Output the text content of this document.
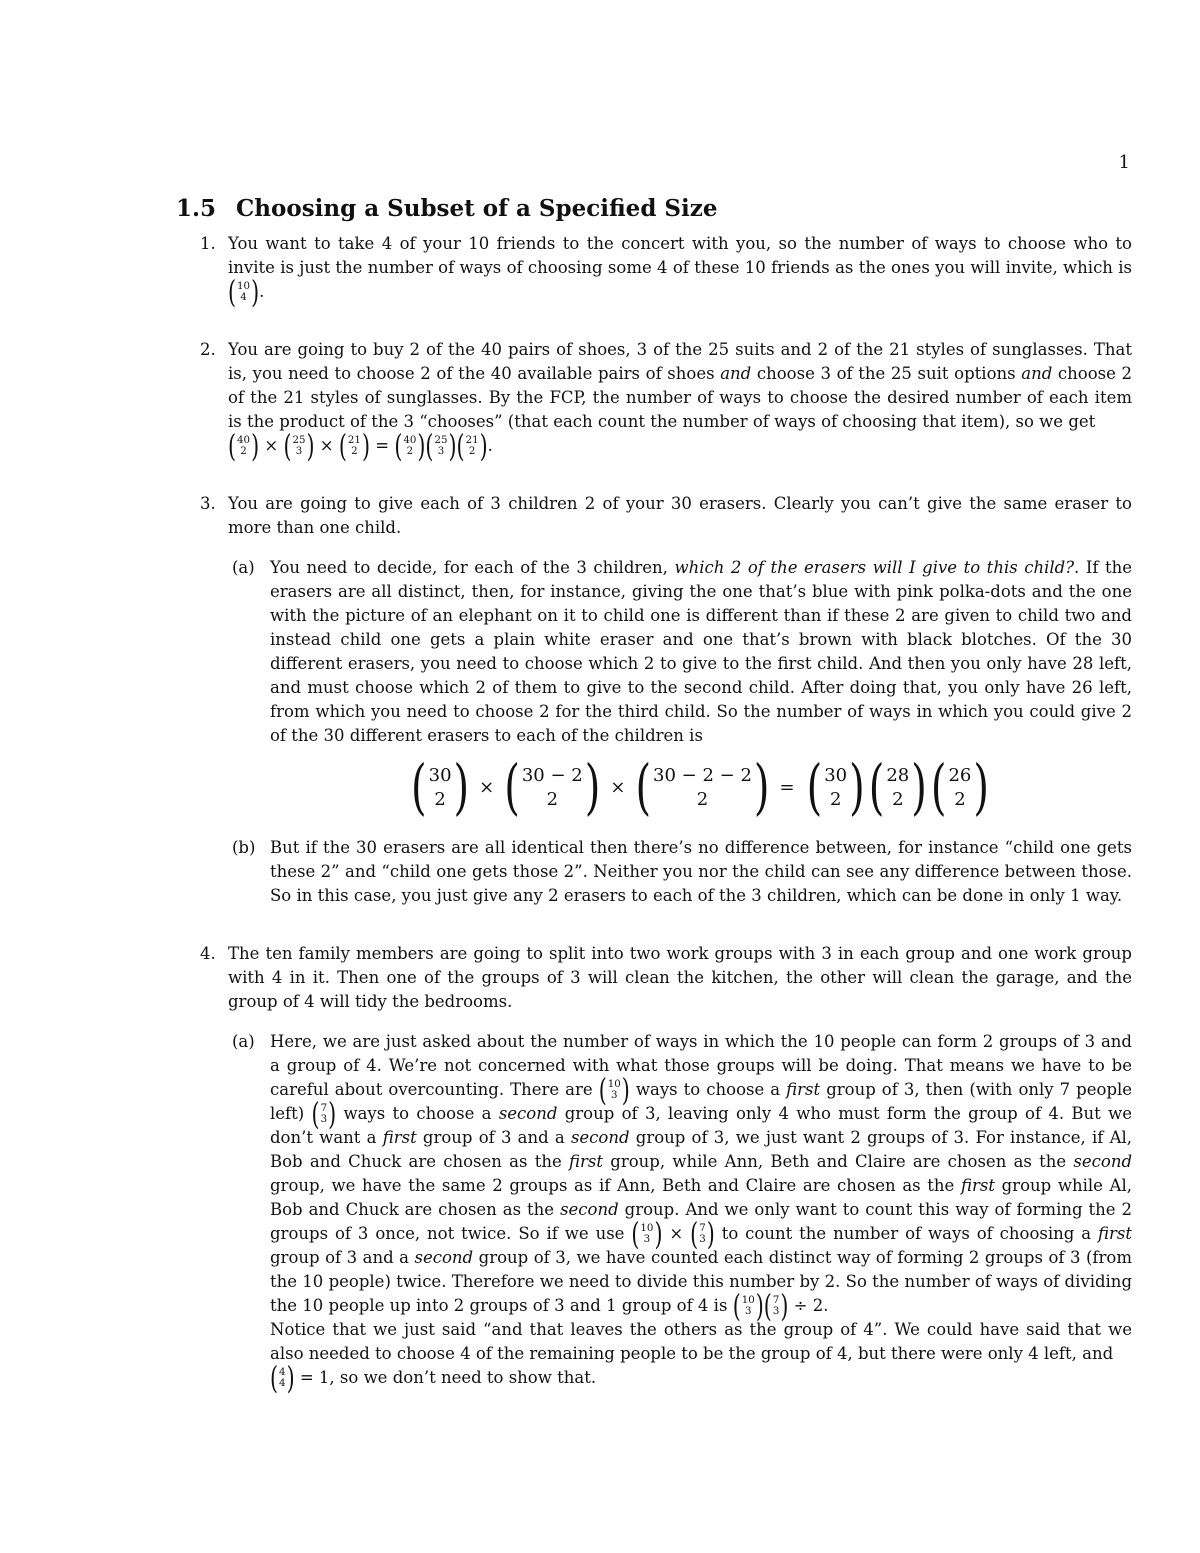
1
1.5 Choosing a Subset of a Specified Size
1. You want to take 4 of your 10 friends to the concert with you, so the number of ways to choose who to invite is just the number of ways of choosing some 4 of these 10 friends as the ones you will invite, which is
( 10
4 ) .

2. You are going to buy 2 of the 40 pairs of shoes, 3 of the 25 suits and 2 of the 21 styles of sunglasses. That is, you need to choose 2 of the 40 available pairs of shoes and choose 3 of the 25 suit options and choose 2 of the 21 styles of sunglasses. By the FCP, the number of ways to choose the desired number of each item is the product of the 3 “chooses” (that each count the number of ways of choosing that item), so we get

( 40
2 ) × ( 25
3 ) × ( 21
2 ) = ( 40
2 ) ( 25
3 ) ( 21
2 ) .

3. You are going to give each of 3 children 2 of your 30 erasers. Clearly you can’t give the same eraser to more than one child.

(a) You need to decide, for each of the 3 children, which 2 of the erasers will I give to this child?. If the erasers are all distinct, then, for instance, giving the one that’s blue with pink polka-dots and the one with the picture of an elephant on it to child one is different than if these 2 are given to child two and instead child one gets a plain white eraser and one that’s brown with black blotches. Of the 30 different erasers, you need to choose which 2 to give to the first child. And then you only have 28 left, and must choose which 2 of them to give to the second child. After doing that, you only have 26 left, from which you need to choose 2 for the third child. So the number of ways in which you could give 2 of the 30 different erasers to each of the children is

( 30
2 ) × ( 30 − 2
2 ) × ( 30 − 2 − 2
2 ) = ( 30
2 ) ( 28
2 ) ( 26
2 )
(b) But if the 30 erasers are all identical then there’s no difference between, for instance “child one gets these 2” and “child one gets those 2”. Neither you nor the child can see any difference between those. So in this case, you just give any 2 erasers to each of the 3 children, which can be done in only 1 way.

4. The ten family members are going to split into two work groups with 3 in each group and one work group with 4 in it. Then one of the groups of 3 will clean the kitchen, the other will clean the garage, and the group of 4 will tidy the bedrooms.

(a) Here, we are just asked about the number of ways in which the 10 people can form 2 groups of 3 and a group of 4. We’re not concerned with what those groups will be doing. That means we have to be careful about overcounting. There are ( 10
3 ) ways to choose a first group of 3, then (with only 7 people left) ( 7
3 ) ways to choose a second group of 3, leaving only 4 who must form the group of 4. But we don’t want a first group of 3 and a second group of 3, we just want 2 groups of 3. For instance, if Al, Bob and Chuck are chosen as the first group, while Ann, Beth and Claire are chosen as the second group, we have the same 2 groups as if Ann, Beth and Claire are chosen as the first group while Al, Bob and Chuck are chosen as the second group. And we only want to count this way of forming the 2 groups of 3 once, not twice. So if we use ( 10
3 ) × ( 7
3 ) to count the number of ways of choosing a first group of 3 and a second group of 3, we have counted each distinct way of forming 2 groups of 3 (from the 10 people) twice. Therefore we need to divide this number by 2. So the number of ways of dividing the 10 people up into 2 groups of 3 and 1 group of 4 is ( 10
3 ) ( 7
3 ) ÷ 2.

Notice that we just said “and that leaves the others as the group of 4”. We could have said that we also needed to choose 4 of the remaining people to be the group of 4, but there were only 4 left, and

( 4
4 ) = 1, so we don’t need to show that.
